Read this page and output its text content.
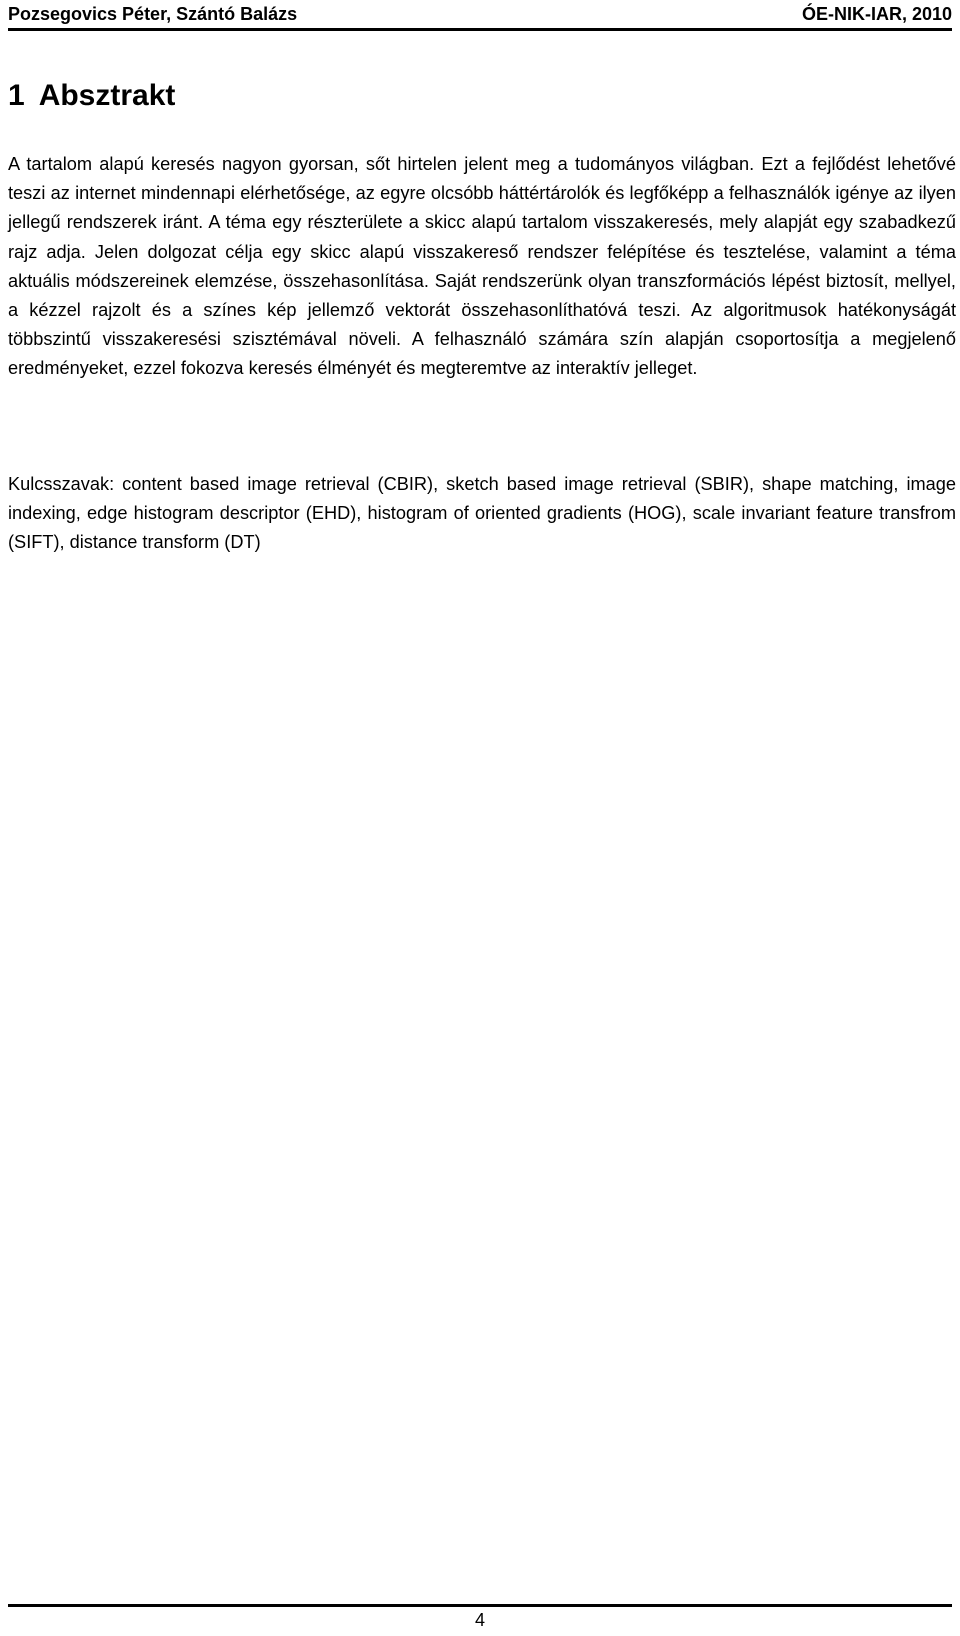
Pozsegovics Péter, Szántó Balázs	ÓE-NIK-IAR, 2010
1 Absztrakt

A tartalom alapú keresés nagyon gyorsan, sőt hirtelen jelent meg a tudományos világban. Ezt a fejlődést lehetővé teszi az internet mindennapi elérhetősége, az egyre olcsóbb háttértárolók és legfőképp a felhasználók igénye az ilyen jellegű rendszerek iránt. A téma egy részterülete a skicc alapú tartalom visszakeresés, mely alapját egy szabadkezű rajz adja. Jelen dolgozat célja egy skicc alapú visszakereső rendszer felépítése és tesztelése, valamint a téma aktuális módszereinek elemzése, összehasonlítása. Saját rendszerünk olyan transzformációs lépést biztosít, mellyel, a kézzel rajzolt és a színes kép jellemző vektorát összehasonlíthatóvá teszi. Az algoritmusok hatékonyságát többszintű visszakeresési szisztémával növeli. A felhasználó számára szín alapján csoportosítja a megjelenő eredményeket, ezzel fokozva keresés élményét és megteremtve az interaktív jelleget.

Kulcsszavak: content based image retrieval (CBIR), sketch based image retrieval (SBIR), shape matching, image indexing, edge histogram descriptor (EHD), histogram of oriented gradients (HOG), scale invariant feature transfrom (SIFT), distance transform (DT)

4
